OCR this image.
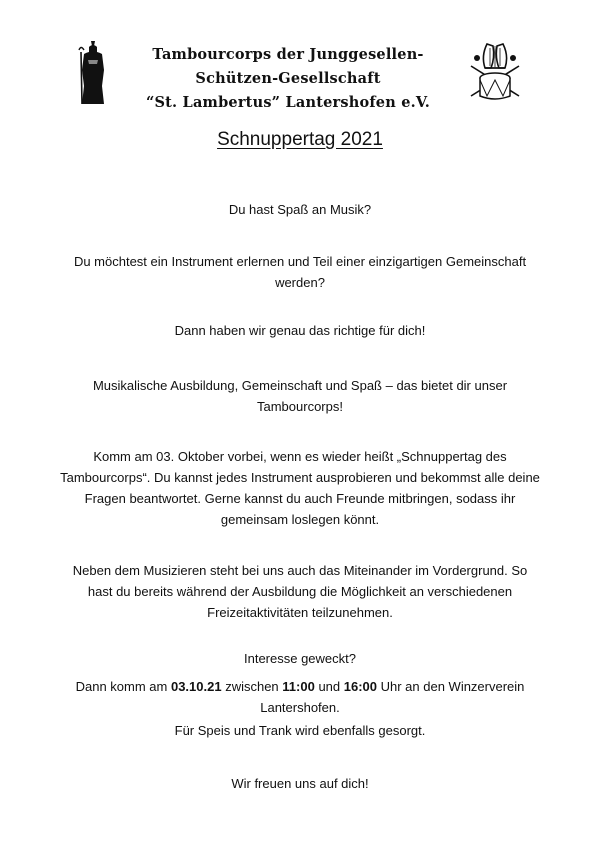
Tambourcorps der Junggesellen-Schützen-Gesellschaft
“St. Lambertus” Lantershofen e.V.
Schnuppertag 2021
Du hast Spaß an Musik?
Du möchtest ein Instrument erlernen und Teil einer einzigartigen Gemeinschaft werden?
Dann haben wir genau das richtige für dich!
Musikalische Ausbildung, Gemeinschaft und Spaß – das bietet dir unser Tambourcorps!
Komm am 03. Oktober vorbei, wenn es wieder heißt „Schnuppertag des Tambourcorps“. Du kannst jedes Instrument ausprobieren und bekommst alle deine Fragen beantwortet. Gerne kannst du auch Freunde mitbringen, sodass ihr gemeinsam loslegen könnt.
Neben dem Musizieren steht bei uns auch das Miteinander im Vordergrund. So hast du bereits während der Ausbildung die Möglichkeit an verschiedenen Freizeitaktivitäten teilzunehmen.
Interesse geweckt?
Dann komm am 03.10.21 zwischen 11:00 und 16:00 Uhr an den Winzerverein Lantershofen.
Für Speis und Trank wird ebenfalls gesorgt.
Wir freuen uns auf dich!
